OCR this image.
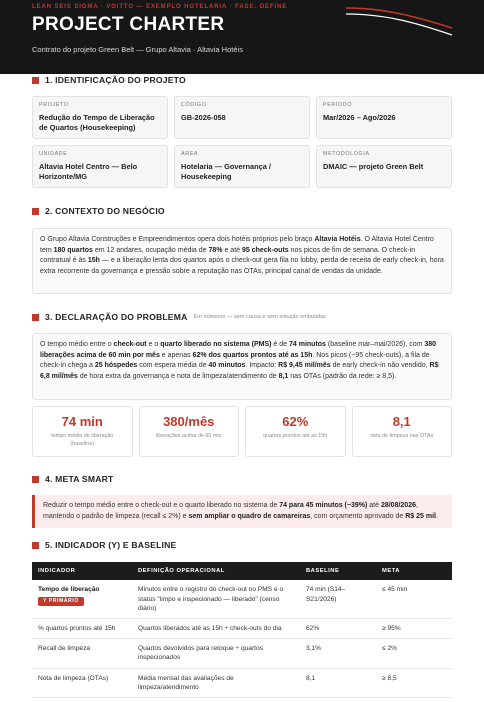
LEAN SEIS SIGMA · VOITTO — EXEMPLO HOTELARIA · FASE: DEFINE
PROJECT CHARTER
Contrato do projeto Green Belt — Grupo Altavia · Altavia Hotéis
1. IDENTIFICAÇÃO DO PROJETO
PROJETO
Redução do Tempo de Liberação de Quartos (Housekeeping)
CÓDIGO
GB-2026-058
PERÍODO
Mar/2026 – Ago/2026
UNIDADE
Altavia Hotel Centro — Belo Horizonte/MG
ÁREA
Hotelaria — Governança / Housekeeping
METODOLOGIA
DMAIC — projeto Green Belt
2. CONTEXTO DO NEGÓCIO
O Grupo Altavia Construções e Empreendimentos opera dois hotéis próprios pelo braço Altavia Hotéis. O Altavia Hotel Centro tem 180 quartos em 12 andares, ocupação média de 78% e até 95 check-outs nos picos de fim de semana. O check-in contratual é às 15h — e a liberação lenta dos quartos após o check-out gera fila no lobby, perda de receita de early check-in, hora extra recorrente da governança e pressão sobre a reputação nas OTAs, principal canal de vendas da unidade.
3. DECLARAÇÃO DO PROBLEMA Em números — sem causa e sem solução embutidas
O tempo médio entre o check-out e o quarto liberado no sistema (PMS) é de 74 minutos (baseline mar–mai/2026), com 380 liberações acima de 60 min por mês e apenas 62% dos quartos prontos até as 15h. Nos picos (~95 check-outs), a fila de check-in chega a 25 hóspedes com espera média de 40 minutos. Impacto: R$ 9,45 mil/mês de early check-in não vendido, R$ 6,8 mil/mês de hora extra da governança e nota de limpeza/atendimento de 8,1 nas OTAs (padrão da rede: ≥ 8,5).
74 min
tempo médio de liberação (baseline)
380/mês
liberações acima de 60 min
62%
quartos prontos até as 15h
8,1
nota de limpeza nas OTAs
4. META SMART
Reduzir o tempo médio entre o check-out e o quarto liberado no sistema de 74 para 45 minutos (−39%) até 28/08/2026, mantendo o padrão de limpeza (recall ≤ 2%) e sem ampliar o quadro de camareiras, com orçamento aprovado de R$ 25 mil.
5. INDICADOR (Y) E BASELINE
INDICADOR	DEFINIÇÃO OPERACIONAL	BASELINE	META

Tempo de liberação
Y PRIMÁRIO	Minutos entre o registro do check-out no PMS e o status "limpo e inspecionado — liberado" (censo diário)	74 min (S14–S21/2026)	≤ 45 min
% quartos prontos até 15h	Quartos liberados até as 15h ÷ check-outs do dia	62%	≥ 95%
Recall de limpeza	Quartos devolvidos para retoque ÷ quartos inspecionados	3,1%	≤ 2%
Nota de limpeza (OTAs)	Média mensal das avaliações de limpeza/atendimento	8,1	≥ 8,5
